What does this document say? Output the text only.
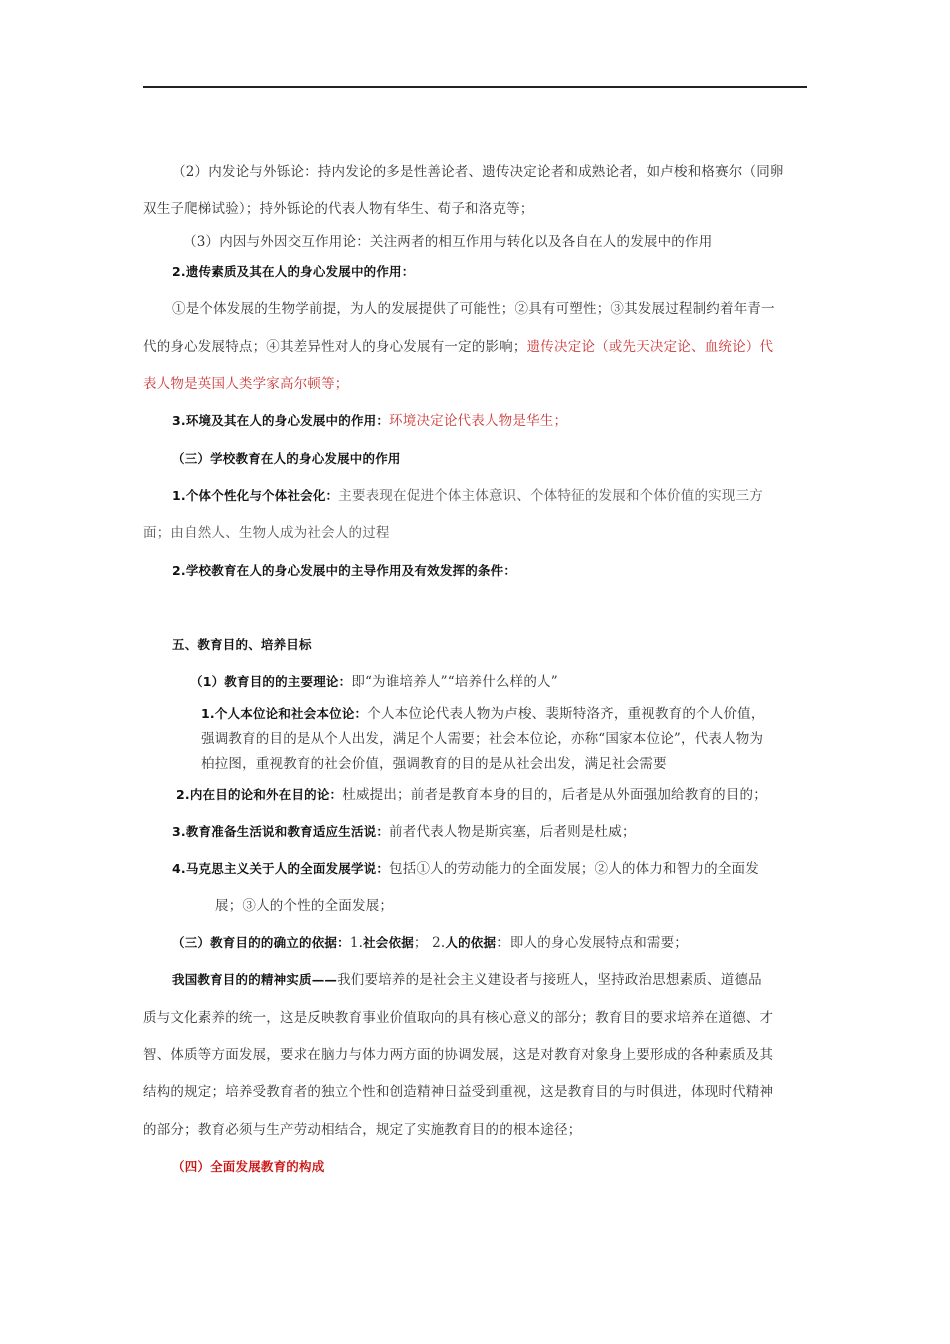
（2）内发论与外铄论：持内发论的多是性善论者、遗传决定论者和成熟论者，如卢梭和格赛尔（同卵
双生子爬梯试验）；持外铄论的代表人物有华生、荀子和洛克等；
（3）内因与外因交互作用论：关注两者的相互作用与转化以及各自在人的发展中的作用
2.遗传素质及其在人的身心发展中的作用：
①是个体发展的生物学前提，为人的发展提供了可能性；②具有可塑性；③其发展过程制约着年青一
代的身心发展特点；④其差异性对人的身心发展有一定的影响；遗传决定论（或先天决定论、血统论）代
表人物是英国人类学家高尔顿等；
3.环境及其在人的身心发展中的作用：环境决定论代表人物是华生；
（三）学校教育在人的身心发展中的作用
1.个体个性化与个体社会化：主要表现在促进个体主体意识、个体特征的发展和个体价值的实现三方
面；由自然人、生物人成为社会人的过程
2.学校教育在人的身心发展中的主导作用及有效发挥的条件：
五、教育目的、培养目标
（1）教育目的的主要理论：即“为谁培养人”“培养什么样的人”
1.个人本位论和社会本位论：个人本位论代表人物为卢梭、裴斯特洛齐，重视教育的个人价值，
强调教育的目的是从个人出发，满足个人需要；社会本位论，亦称“国家本位论”，代表人物为
柏拉图，重视教育的社会价值，强调教育的目的是从社会出发，满足社会需要
2.内在目的论和外在目的论：杜威提出；前者是教育本身的目的，后者是从外面强加给教育的目的；
3.教育准备生活说和教育适应生活说：前者代表人物是斯宾塞，后者则是杜威；
4.马克思主义关于人的全面发展学说：包括①人的劳动能力的全面发展；②人的体力和智力的全面发
展；③人的个性的全面发展；
（三）教育目的的确立的依据：1.社会依据； 2.人的依据：即人的身心发展特点和需要；
我国教育目的的精神实质——我们要培养的是社会主义建设者与接班人，坚持政治思想素质、道德品
质与文化素养的统一，这是反映教育事业价值取向的具有核心意义的部分；教育目的要求培养在道德、才
智、体质等方面发展，要求在脑力与体力两方面的协调发展，这是对教育对象身上要形成的各种素质及其
结构的规定；培养受教育者的独立个性和创造精神日益受到重视，这是教育目的与时俱进，体现时代精神
的部分；教育必须与生产劳动相结合，规定了实施教育目的的根本途径；
（四）全面发展教育的构成
